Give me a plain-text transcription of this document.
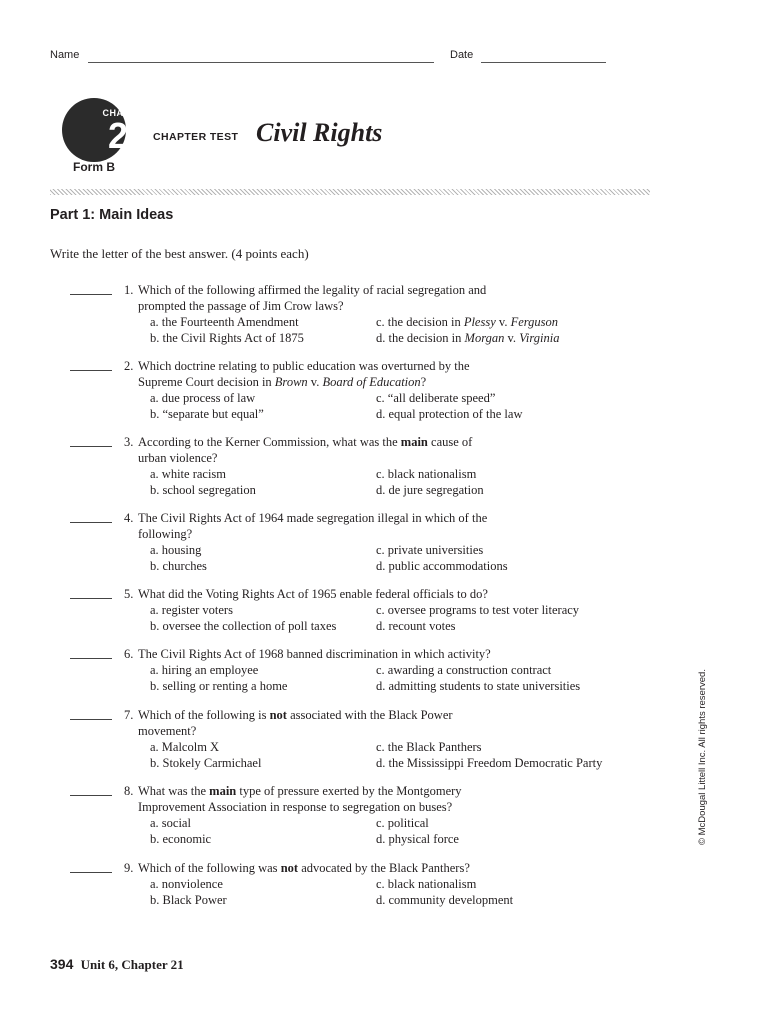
Name	Date
CHAPTER
21
Form B
CHAPTER TEST Civil Rights
Part 1: Main Ideas
Write the letter of the best answer. (4 points each)
1. Which of the following affirmed the legality of racial segregation and
prompted the passage of Jim Crow laws?
a. the Fourteenth Amendment
b. the Civil Rights Act of 1875
c. the decision in Plessy v. Ferguson
d. the decision in Morgan v. Virginia
2. Which doctrine relating to public education was overturned by the
Supreme Court decision in Brown v. Board of Education?
a. due process of law
b. “separate but equal”
c. “all deliberate speed”
d. equal protection of the law
3. According to the Kerner Commission, what was the main cause of
urban violence?
a. white racism
b. school segregation
c. black nationalism
d. de jure segregation
4. The Civil Rights Act of 1964 made segregation illegal in which of the
following?
a. housing
b. churches
c. private universities
d. public accommodations
5. What did the Voting Rights Act of 1965 enable federal officials to do?
a. register voters
b. oversee the collection of poll taxes
c. oversee programs to test voter literacy
d. recount votes
6. The Civil Rights Act of 1968 banned discrimination in which activity?
a. hiring an employee
b. selling or renting a home
c. awarding a construction contract
d. admitting students to state universities
7. Which of the following is not associated with the Black Power
movement?
a. Malcolm X
b. Stokely Carmichael
c. the Black Panthers
d. the Mississippi Freedom Democratic Party
8. What was the main type of pressure exerted by the Montgomery
Improvement Association in response to segregation on buses?
a. social
b. economic
c. political
d. physical force
9. Which of the following was not advocated by the Black Panthers?
a. nonviolence
b. Black Power
c. black nationalism
d. community development
© McDougal Littell Inc. All rights reserved.
394 Unit 6, Chapter 21
